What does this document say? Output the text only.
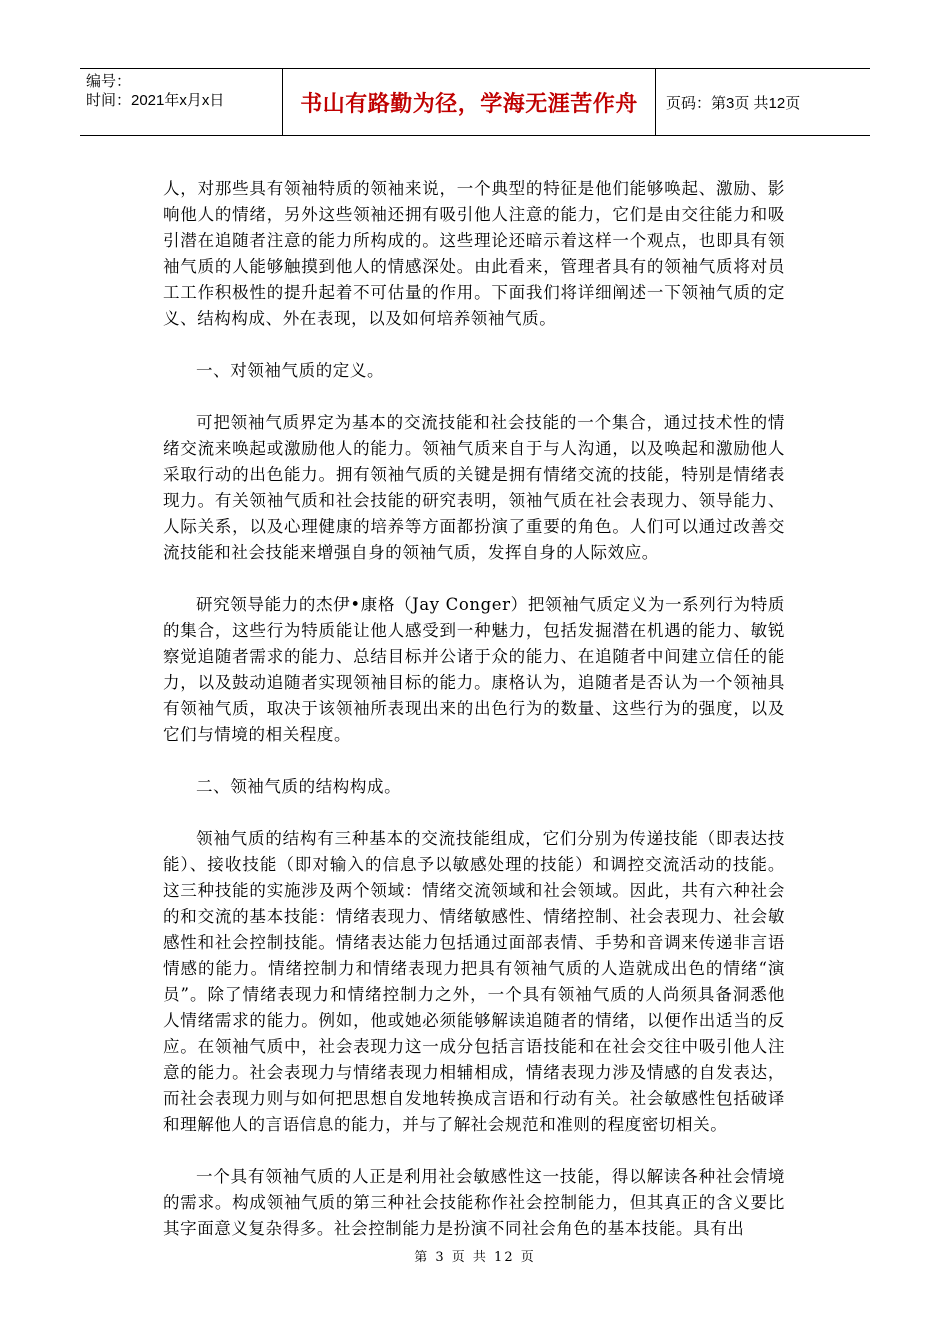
编号：
时间：2021年x月x日	书山有路勤为径，学海无涯苦作舟 页码：第3页 共12页

人，对那些具有领袖特质的领袖来说，一个典型的特征是他们能够唤起、激励、影响他人的情绪，另外这些领袖还拥有吸引他人注意的能力，它们是由交往能力和吸引潜在追随者注意的能力所构成的。这些理论还暗示着这样一个观点，也即具有领袖气质的人能够触摸到他人的情感深处。由此看来，管理者具有的领袖气质将对员工工作积极性的提升起着不可估量的作用。下面我们将详细阐述一下领袖气质的定义、结构构成、外在表现，以及如何培养领袖气质。

一、对领袖气质的定义。

可把领袖气质界定为基本的交流技能和社会技能的一个集合，通过技术性的情绪交流来唤起或激励他人的能力。领袖气质来自于与人沟通，以及唤起和激励他人采取行动的出色能力。拥有领袖气质的关键是拥有情绪交流的技能，特别是情绪表现力。有关领袖气质和社会技能的研究表明，领袖气质在社会表现力、领导能力、人际关系，以及心理健康的培养等方面都扮演了重要的角色。人们可以通过改善交流技能和社会技能来增强自身的领袖气质，发挥自身的人际效应。

研究领导能力的杰伊•康格（Jay Conger）把领袖气质定义为一系列行为特质的集合，这些行为特质能让他人感受到一种魅力，包括发掘潜在机遇的能力、敏锐察觉追随者需求的能力、总结目标并公诸于众的能力、在追随者中间建立信任的能力，以及鼓动追随者实现领袖目标的能力。康格认为，追随者是否认为一个领袖具有领袖气质，取决于该领袖所表现出来的出色行为的数量、这些行为的强度，以及它们与情境的相关程度。

二、领袖气质的结构构成。

领袖气质的结构有三种基本的交流技能组成，它们分别为传递技能（即表达技能）、接收技能（即对输入的信息予以敏感处理的技能）和调控交流活动的技能。这三种技能的实施涉及两个领域：情绪交流领域和社会领域。因此，共有六种社会的和交流的基本技能：情绪表现力、情绪敏感性、情绪控制、社会表现力、社会敏感性和社会控制技能。情绪表达能力包括通过面部表情、手势和音调来传递非言语情感的能力。情绪控制力和情绪表现力把具有领袖气质的人造就成出色的情绪“演员”。除了情绪表现力和情绪控制力之外，一个具有领袖气质的人尚须具备洞悉他人情绪需求的能力。例如，他或她必须能够解读追随者的情绪，以便作出适当的反应。在领袖气质中，社会表现力这一成分包括言语技能和在社会交往中吸引他人注意的能力。社会表现力与情绪表现力相辅相成，情绪表现力涉及情感的自发表达，而社会表现力则与如何把思想自发地转换成言语和行动有关。社会敏感性包括破译和理解他人的言语信息的能力，并与了解社会规范和准则的程度密切相关。

一个具有领袖气质的人正是利用社会敏感性这一技能，得以解读各种社会情境的需求。构成领袖气质的第三种社会技能称作社会控制能力，但其真正的含义要比其字面意义复杂得多。社会控制能力是扮演不同社会角色的基本技能。具有出

第 3 页 共 12 页
